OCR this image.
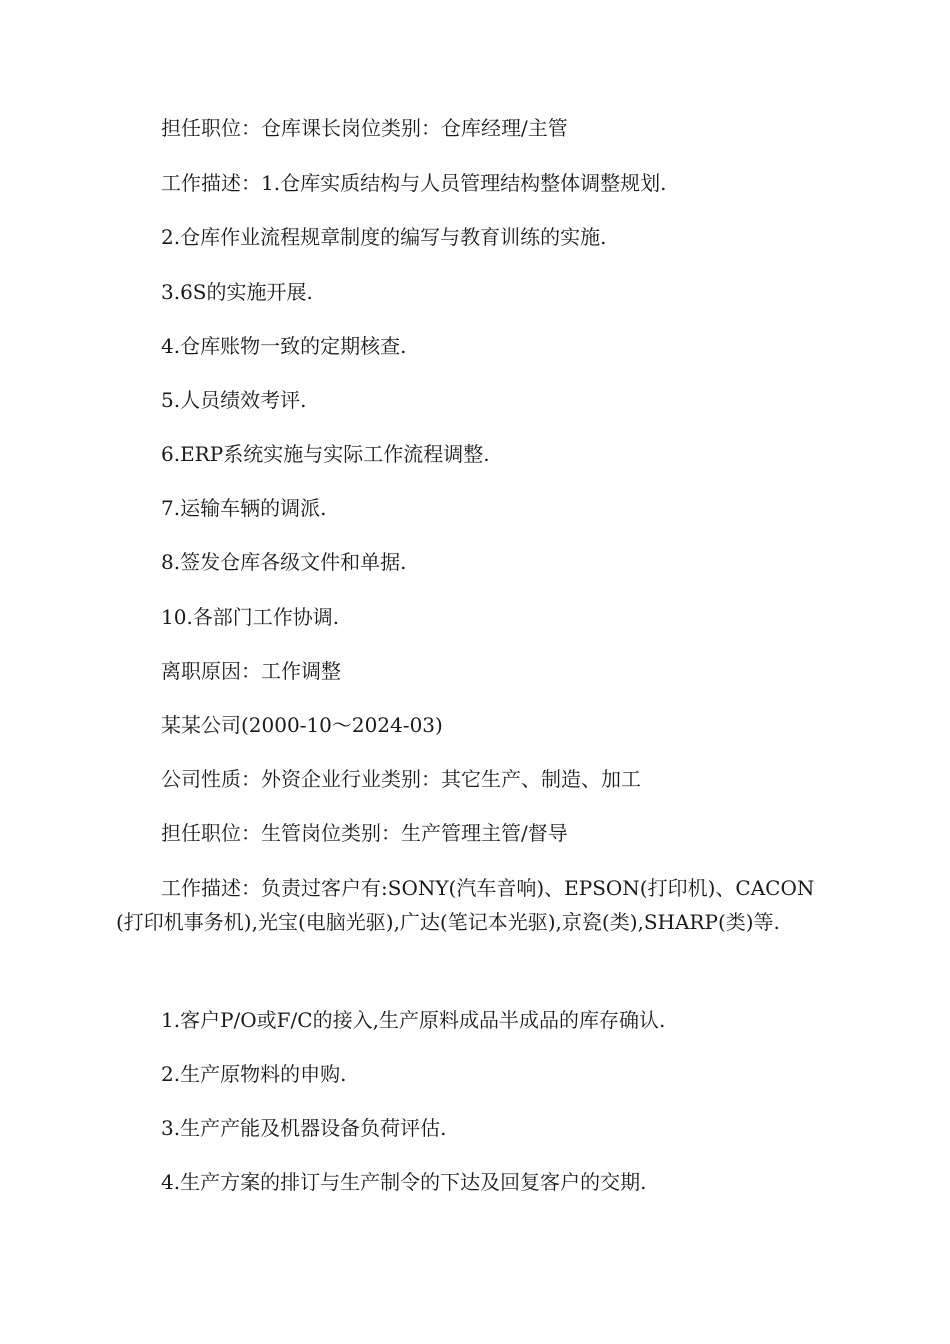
担任职位：仓库课长岗位类别：仓库经理/主管

工作描述：1.仓库实质结构与人员管理结构整体调整规划.

2.仓库作业流程规章制度的编写与教育训练的实施.

3.6S的实施开展.

4.仓库账物一致的定期核查.

5.人员绩效考评.

6.ERP系统实施与实际工作流程调整.

7.运输车辆的调派.

8.签发仓库各级文件和单据.

10.各部门工作协调.

离职原因：工作调整

某某公司(2000-10～2024-03)

公司性质：外资企业行业类别：其它生产、制造、加工

担任职位：生管岗位类别：生产管理主管/督导

工作描述：负责过客户有:SONY(汽车音响)、EPSON(打印机)、CACON(打印机事务机),光宝(电脑光驱),广达(笔记本光驱),京瓷(类),SHARP(类)等.

1.客户P/O或F/C的接入,生产原料成品半成品的库存确认.

2.生产原物料的申购.

3.生产产能及机器设备负荷评估.

4.生产方案的排订与生产制令的下达及回复客户的交期.
